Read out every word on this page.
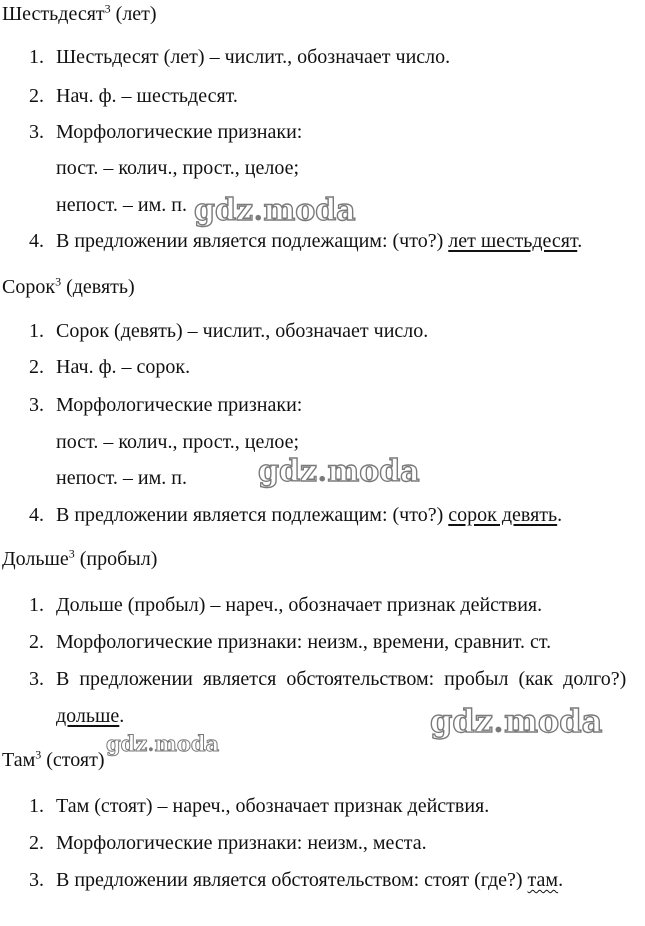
Шестьдесят$^3$ (лет)
1. Шестьдесят (лет) – числит., обозначает число.
2. Нач. ф. – шестьдесят.
3. Морфологические признаки:
пост. – колич., прост., целое;
непост. – им. п.
4. В предложении является подлежащим: (что?) лет шестьдесят.
Сорок$^3$ (девять)
1. Сорок (девять) – числит., обозначает число.
2. Нач. ф. – сорок.
3. Морфологические признаки:
пост. – колич., прост., целое;
непост. – им. п.
4. В предложении является подлежащим: (что?) сорок девять.
Дольше$^3$ (пробыл)
1. Дольше (пробыл) – нареч., обозначает признак действия.
2. Морфологические признаки: неизм., времени, сравнит. ст.
3. В предложении является обстоятельством: пробыл (как долго?)
дольше.
Там$^3$ (стоят)
1. Там (стоят) – нареч., обозначает признак действия.
2. Морфологические признаки: неизм., места.
3. В предложении является обстоятельством: стоят (где?) там.
gdz.moda
gdz.moda
gdz.moda
gdz.moda
